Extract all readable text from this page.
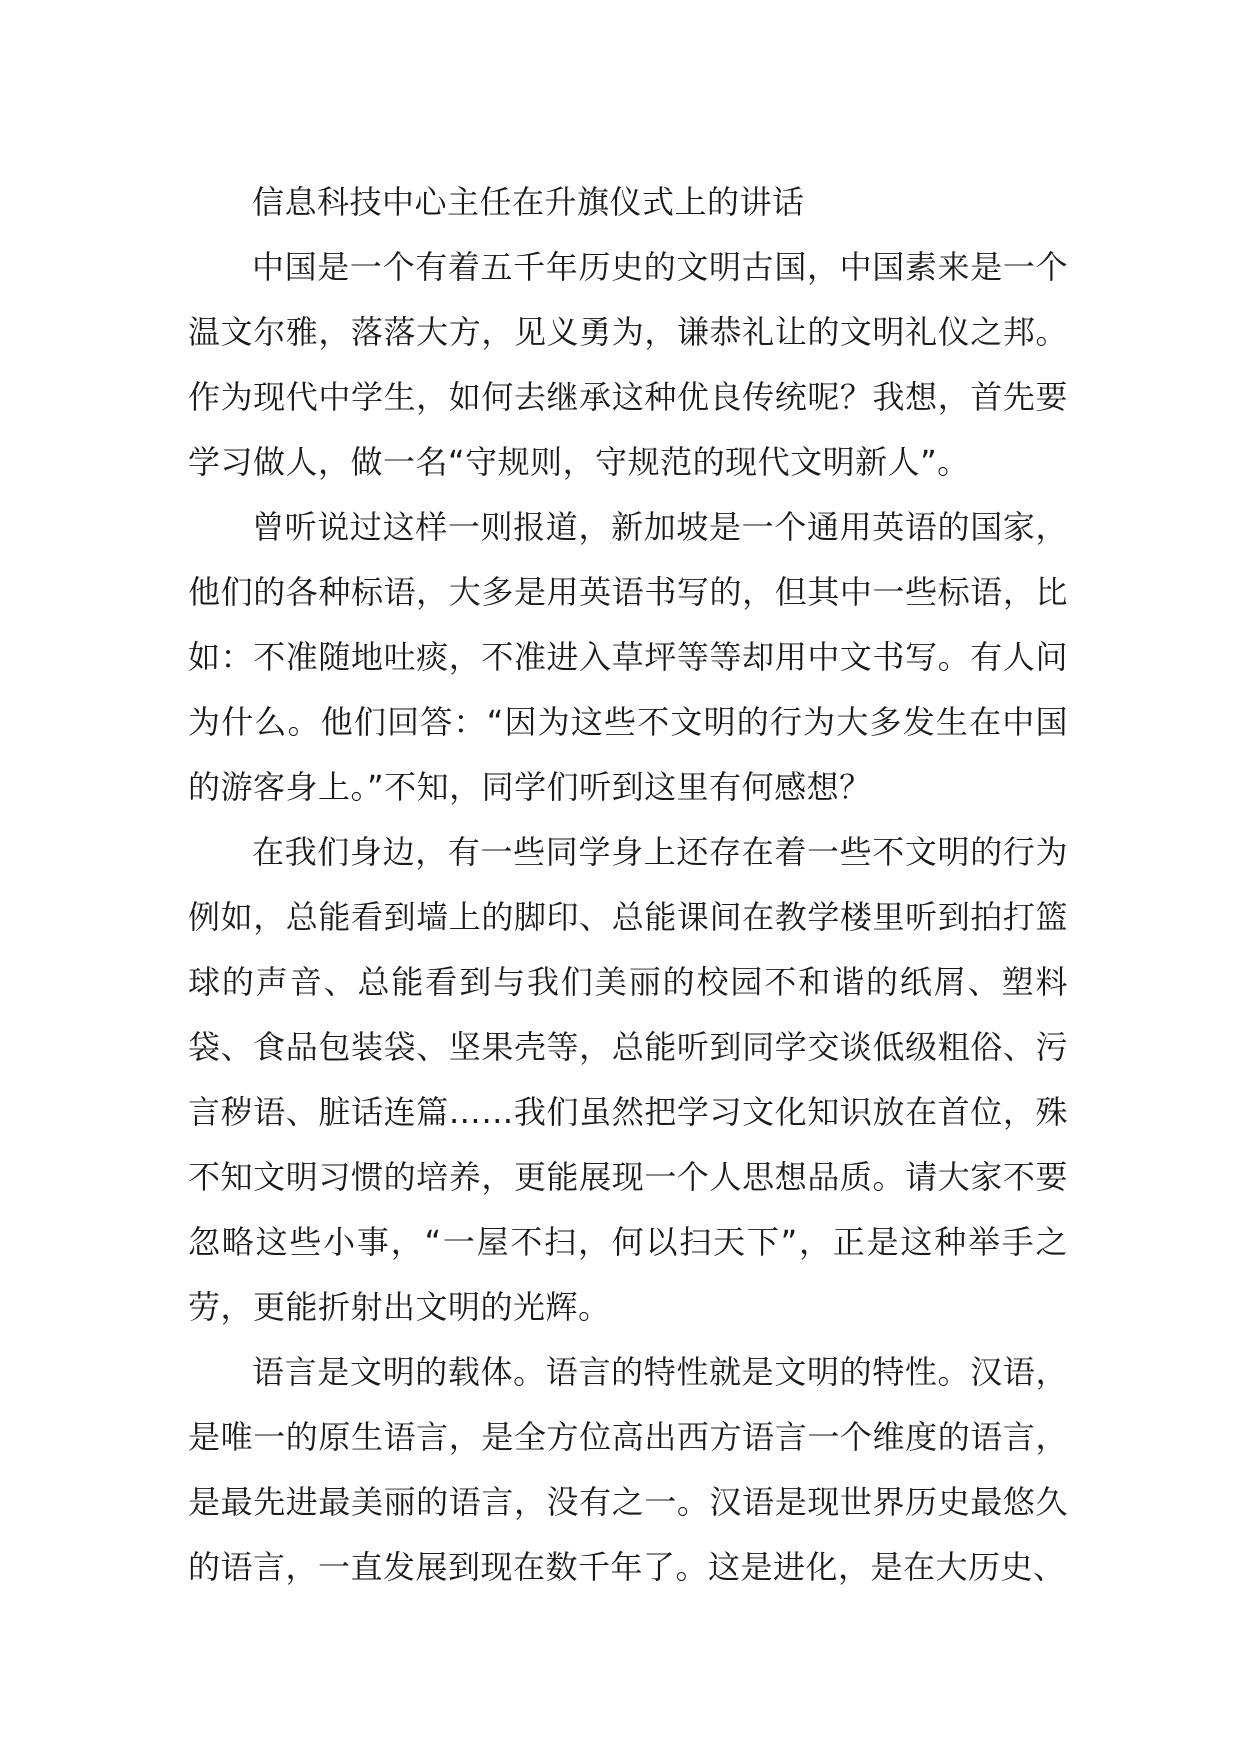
信息科技中心主任在升旗仪式上的讲话

中国是一个有着五千年历史的文明古国，中国素来是一个温文尔雅，落落大方，见义勇为，谦恭礼让的文明礼仪之邦。作为现代中学生，如何去继承这种优良传统呢？我想，首先要学习做人，做一名“守规则，守规范的现代文明新人”。

曾听说过这样一则报道，新加坡是一个通用英语的国家，他们的各种标语，大多是用英语书写的，但其中一些标语，比如：不准随地吐痰，不准进入草坪等等却用中文书写。有人问为什么。他们回答：“因为这些不文明的行为大多发生在中国的游客身上。”不知，同学们听到这里有何感想？

在我们身边，有一些同学身上还存在着一些不文明的行为例如，总能看到墙上的脚印、总能课间在教学楼里听到拍打篮球的声音、总能看到与我们美丽的校园不和谐的纸屑、塑料袋、食品包装袋、坚果壳等，总能听到同学交谈低级粗俗、污言秽语、脏话连篇……我们虽然把学习文化知识放在首位，殊不知文明习惯的培养，更能展现一个人思想品质。请大家不要忽略这些小事，“一屋不扫，何以扫天下”，正是这种举手之劳，更能折射出文明的光辉。

语言是文明的载体。语言的特性就是文明的特性。汉语，是唯一的原生语言，是全方位高出西方语言一个维度的语言，是最先进最美丽的语言，没有之一。汉语是现世界历史最悠久的语言，一直发展到现在数千年了。这是进化，是在大历史、
